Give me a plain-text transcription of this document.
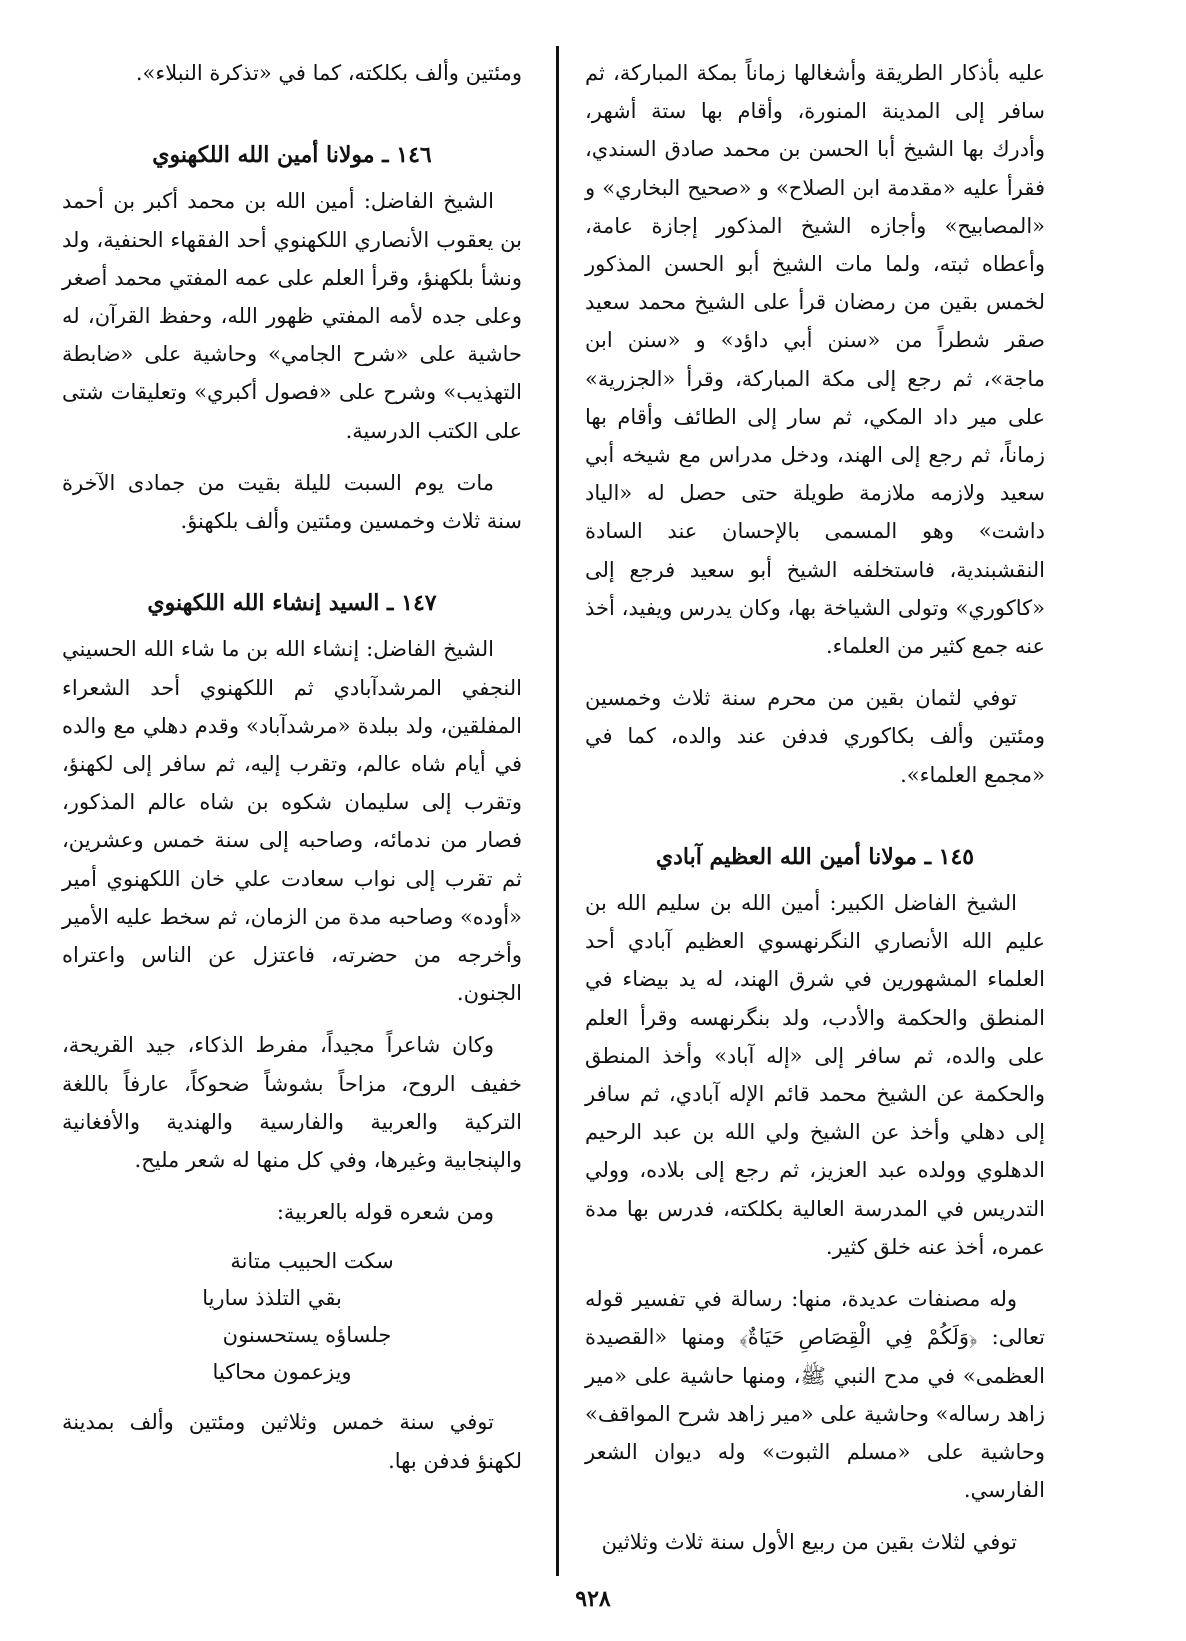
عليه بأذكار الطريقة وأشغالها زماناً بمكة المباركة، ثم سافر إلى المدينة المنورة، وأقام بها ستة أشهر، وأدرك بها الشيخ أبا الحسن بن محمد صادق السندي، فقرأ عليه «مقدمة ابن الصلاح» و «صحيح البخاري» و «المصابيح» وأجازه الشيخ المذكور إجازة عامة، وأعطاه ثبته، ولما مات الشيخ أبو الحسن المذكور لخمس بقين من رمضان قرأ على الشيخ محمد سعيد صقر شطراً من «سنن أبي داؤد» و «سنن ابن ماجة»، ثم رجع إلى مكة المباركة، وقرأ «الجزرية» على مير داد المكي، ثم سار إلى الطائف وأقام بها زماناً، ثم رجع إلى الهند، ودخل مدراس مع شيخه أبي سعيد ولازمه ملازمة طويلة حتى حصل له «الياد داشت» وهو المسمى بالإحسان عند السادة النقشبندية، فاستخلفه الشيخ أبو سعيد فرجع إلى «كاكوري» وتولى الشياخة بها، وكان يدرس ويفيد، أخذ عنه جمع كثير من العلماء.

توفي لثمان بقين من محرم سنة ثلاث وخمسين ومئتين وألف بكاكوري فدفن عند والده، كما في «مجمع العلماء».

١٤٥ ـ مولانا أمين الله العظيم آبادي

الشيخ الفاضل الكبير: أمين الله بن سليم الله بن عليم الله الأنصاري النگرنهسوي العظيم آبادي أحد العلماء المشهورين في شرق الهند، له يد بيضاء في المنطق والحكمة والأدب، ولد بنگرنهسه وقرأ العلم على والده، ثم سافر إلى «إله آباد» وأخذ المنطق والحكمة عن الشيخ محمد قائم الإله آبادي، ثم سافر إلى دهلي وأخذ عن الشيخ ولي الله بن عبد الرحيم الدهلوي وولده عبد العزيز، ثم رجع إلى بلاده، وولي التدريس في المدرسة العالية بكلكته، فدرس بها مدة عمره، أخذ عنه خلق كثير.

وله مصنفات عديدة، منها: رسالة في تفسير قوله تعالى: ﴿وَلَكُمْ فِي الْقِصَاصِ حَيَاةٌ﴾ ومنها «القصيدة العظمى» في مدح النبي ﷺ، ومنها حاشية على «مير زاهد رساله» وحاشية على «مير زاهد شرح المواقف» وحاشية على «مسلم الثبوت» وله ديوان الشعر الفارسي.

توفي لثلاث بقين من ربيع الأول سنة ثلاث وثلاثين

ومئتين وألف بكلكته، كما في «تذكرة النبلاء».

١٤٦ ـ مولانا أمين الله اللكهنوي

الشيخ الفاضل: أمين الله بن محمد أكبر بن أحمد بن يعقوب الأنصاري اللكهنوي أحد الفقهاء الحنفية، ولد ونشأ بلكهنؤ، وقرأ العلم على عمه المفتي محمد أصغر وعلى جده لأمه المفتي ظهور الله، وحفظ القرآن، له حاشية على «شرح الجامي» وحاشية على «ضابطة التهذيب» وشرح على «فصول أكبري» وتعليقات شتى على الكتب الدرسية.

مات يوم السبت لليلة بقيت من جمادى الآخرة سنة ثلاث وخمسين ومئتين وألف بلكهنؤ.

١٤٧ ـ السيد إنشاء الله اللكهنوي

الشيخ الفاضل: إنشاء الله بن ما شاء الله الحسيني النجفي المرشدآبادي ثم اللكهنوي أحد الشعراء المفلقين، ولد ببلدة «مرشدآباد» وقدم دهلي مع والده في أيام شاه عالم، وتقرب إليه، ثم سافر إلى لكهنؤ، وتقرب إلى سليمان شكوه بن شاه عالم المذكور، فصار من ندمائه، وصاحبه إلى سنة خمس وعشرين، ثم تقرب إلى نواب سعادت علي خان اللكهنوي أمير «أوده» وصاحبه مدة من الزمان، ثم سخط عليه الأمير وأخرجه من حضرته، فاعتزل عن الناس واعتراه الجنون.

وكان شاعراً مجيداً، مفرط الذكاء، جيد القريحة، خفيف الروح، مزاحاً بشوشاً ضحوكاً، عارفاً باللغة التركية والعربية والفارسية والهندية والأفغانية والپنجابية وغيرها، وفي كل منها له شعر مليح.

ومن شعره قوله بالعربية:

سكت الحبيب متانة
بقي التلذذ ساريا
جلساؤه يستحسنون
ويزعمون محاكيا

توفي سنة خمس وثلاثين ومئتين وألف بمدينة لكهنؤ فدفن بها.

٩٢٨
